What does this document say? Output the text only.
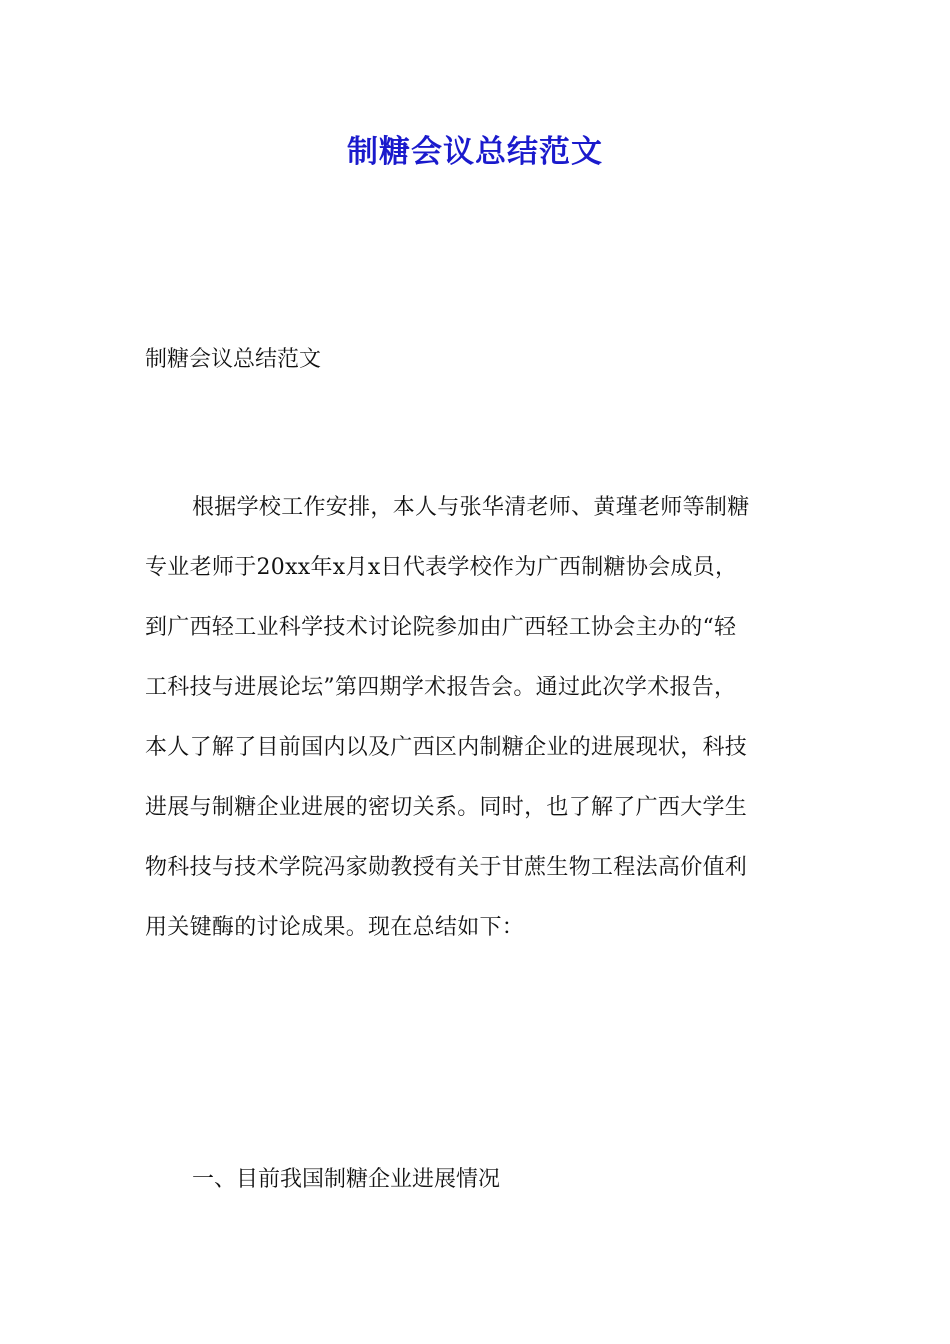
制糖会议总结范文
制糖会议总结范文
根据学校工作安排，本人与张华清老师、黄瑾老师等制糖
专业老师于20xx年x月x日代表学校作为广西制糖协会成员，
到广西轻工业科学技术讨论院参加由广西轻工协会主办的“轻
工科技与进展论坛”第四期学术报告会。通过此次学术报告，
本人了解了目前国内以及广西区内制糖企业的进展现状，科技
进展与制糖企业进展的密切关系。同时，也了解了广西大学生
物科技与技术学院冯家勋教授有关于甘蔗生物工程法高价值利
用关键酶的讨论成果。现在总结如下：
一、目前我国制糖企业进展情况
